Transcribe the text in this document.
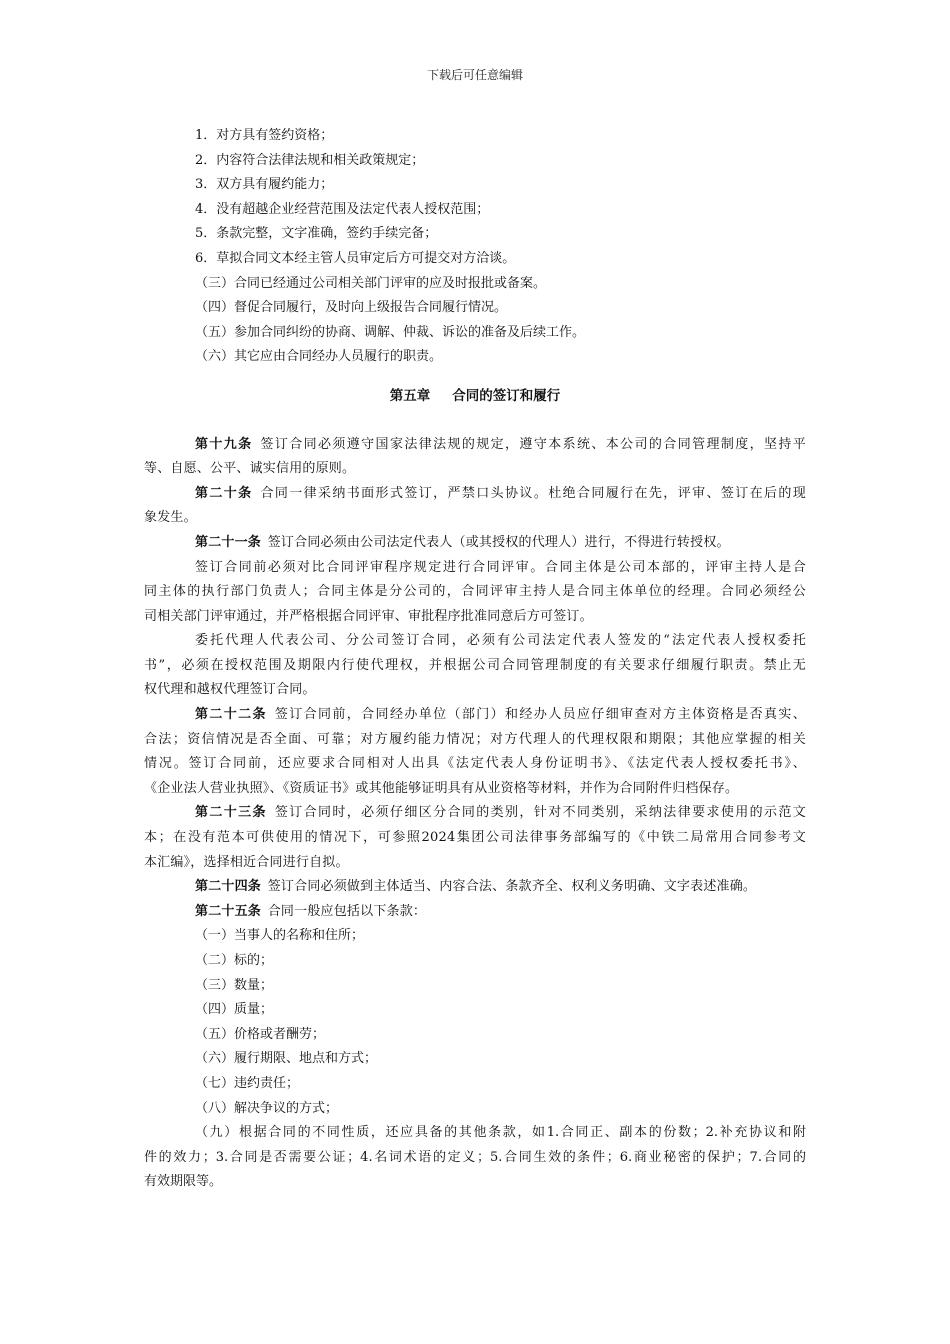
下载后可任意编辑
1．对方具有签约资格；
2．内容符合法律法规和相关政策规定；
3．双方具有履约能力；
4．没有超越企业经营范围及法定代表人授权范围；
5．条款完整，文字准确，签约手续完备；
6．草拟合同文本经主管人员审定后方可提交对方洽谈。
（三）合同已经通过公司相关部门评审的应及时报批或备案。
（四）督促合同履行，及时向上级报告合同履行情况。
（五）参加合同纠纷的协商、调解、仲裁、诉讼的准备及后续工作。
（六）其它应由合同经办人员履行的职责。
第五章 合同的签订和履行
第十九条  签订合同必须遵守国家法律法规的规定，遵守本系统、本公司的合同管理制度，坚持平
等、自愿、公平、诚实信用的原则。
第二十条  合同一律采纳书面形式签订，严禁口头协议。杜绝合同履行在先，评审、签订在后的现
象发生。
第二十一条  签订合同必须由公司法定代表人（或其授权的代理人）进行，不得进行转授权。
签订合同前必须对比合同评审程序规定进行合同评审。合同主体是公司本部的，评审主持人是合
同主体的执行部门负责人；合同主体是分公司的，合同评审主持人是合同主体单位的经理。合同必须经公
司相关部门评审通过，并严格根据合同评审、审批程序批准同意后方可签订。
委托代理人代表公司、分公司签订合同，必须有公司法定代表人签发的“法定代表人授权委托
书”，必须在授权范围及期限内行使代理权，并根据公司合同管理制度的有关要求仔细履行职责。禁止无
权代理和越权代理签订合同。
第二十二条  签订合同前，合同经办单位（部门）和经办人员应仔细审查对方主体资格是否真实、
合法；资信情况是否全面、可靠；对方履约能力情况；对方代理人的代理权限和期限；其他应掌握的相关
情况。签订合同前，还应要求合同相对人出具《法定代表人身份证明书》、《法定代表人授权委托书》、
《企业法人营业执照》、《资质证书》或其他能够证明具有从业资格等材料，并作为合同附件归档保存。
第二十三条  签订合同时，必须仔细区分合同的类别，针对不同类别，采纳法律要求使用的示范文
本；在没有范本可供使用的情况下，可参照2024集团公司法律事务部编写的《中铁二局常用合同参考文
本汇编》，选择相近合同进行自拟。
第二十四条  签订合同必须做到主体适当、内容合法、条款齐全、权利义务明确、文字表述准确。
第二十五条  合同一般应包括以下条款：
（一）当事人的名称和住所；
（二）标的；
（三）数量；
（四）质量；
（五）价格或者酬劳；
（六）履行期限、地点和方式；
（七）违约责任；
（八）解决争议的方式；
（九）根据合同的不同性质，还应具备的其他条款，如1.合同正、副本的份数；2.补充协议和附
件的效力；3.合同是否需要公证；4.名词术语的定义；5.合同生效的条件；6.商业秘密的保护；7.合同的
有效期限等。
